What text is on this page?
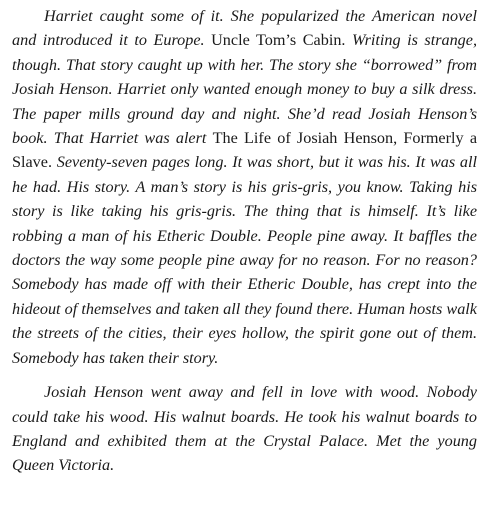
Harriet caught some of it. She popularized the American novel and introduced it to Europe. Uncle Tom’s Cabin. Writing is strange, though. That story caught up with her. The story she “borrowed” from Josiah Henson. Harriet only wanted enough money to buy a silk dress. The paper mills ground day and night. She’d read Josiah Henson’s book. That Harriet was alert The Life of Josiah Henson, Formerly a Slave. Seventy-seven pages long. It was short, but it was his. It was all he had. His story. A man’s story is his gris-gris, you know. Taking his story is like taking his gris-gris. The thing that is himself. It’s like robbing a man of his Etheric Double. People pine away. It baffles the doctors the way some people pine away for no reason. For no reason? Somebody has made off with their Etheric Double, has crept into the hideout of themselves and taken all they found there. Human hosts walk the streets of the cities, their eyes hollow, the spirit gone out of them. Somebody has taken their story.

Josiah Henson went away and fell in love with wood. Nobody could take his wood. His walnut boards. He took his walnut boards to England and exhibited them at the Crystal Palace. Met the young Queen Victoria.
